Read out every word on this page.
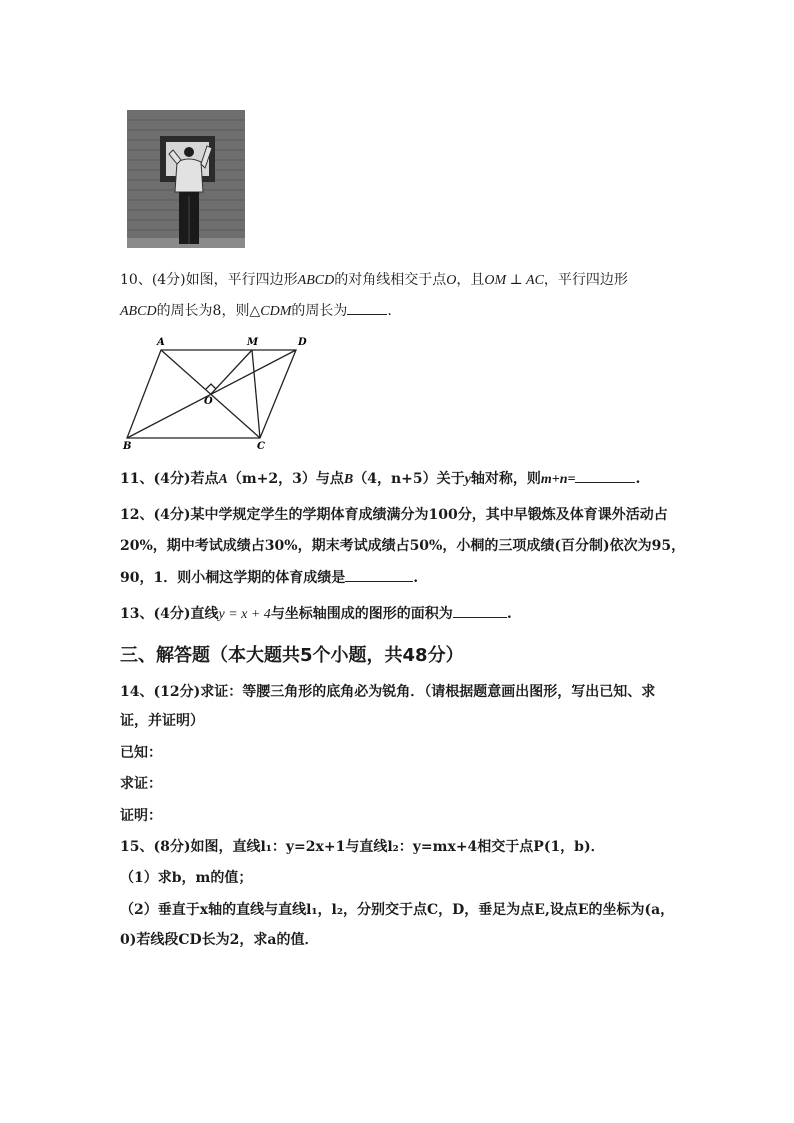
10、(4分)如图，平行四边形ABCD的对角线相交于点O，且OM ⊥ AC，平行四边形
ABCD的周长为8，则△CDM的周长为	.
A	M	D
O
B	C
11、(4分)若点A（m+2，3）与点B（4，n+5）关于y轴对称，则m+n=	.
12、(4分)某中学规定学生的学期体育成绩满分为100分，其中早锻炼及体育课外活动占
20%，期中考试成绩占30%，期末考试成绩占50%，小桐的三项成绩(百分制)依次为95，
90，1．则小桐这学期的体育成绩是	.
13、(4分)直线y = x + 4与坐标轴围成的图形的面积为	.
三、解答题（本大题共5个小题，共48分）
14、(12分)求证：等腰三角形的底角必为锐角．（请根据题意画出图形，写出已知、求
证，并证明）
已知：
求证：
证明：
15、(8分)如图，直线l₁：y=2x+1与直线l₂：y=mx+4相交于点P(1，b)．
（1）求b，m的值；
（2）垂直于x轴的直线与直线l₁，l₂，分别交于点C，D，垂足为点E,设点E的坐标为(a，
0)若线段CD长为2，求a的值．
